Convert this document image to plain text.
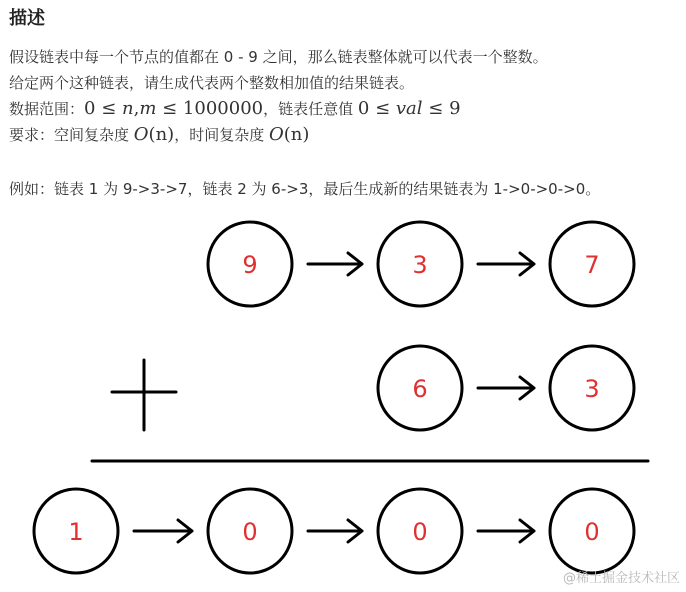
描述
假设链表中每一个节点的值都在 0 - 9 之间，那么链表整体就可以代表一个整数。
给定两个这种链表，请生成代表两个整数相加值的结果链表。
数据范围：0 ≤ n,m ≤ 1000000，链表任意值 0 ≤ val ≤ 9
要求：空间复杂度 O(n)，时间复杂度 O(n)
例如：链表 1 为 9->3->7，链表 2 为 6->3，最后生成新的结果链表为 1->0->0->0。
9	3	7
6	3
1	0	0	0
@稀土掘金技术社区
